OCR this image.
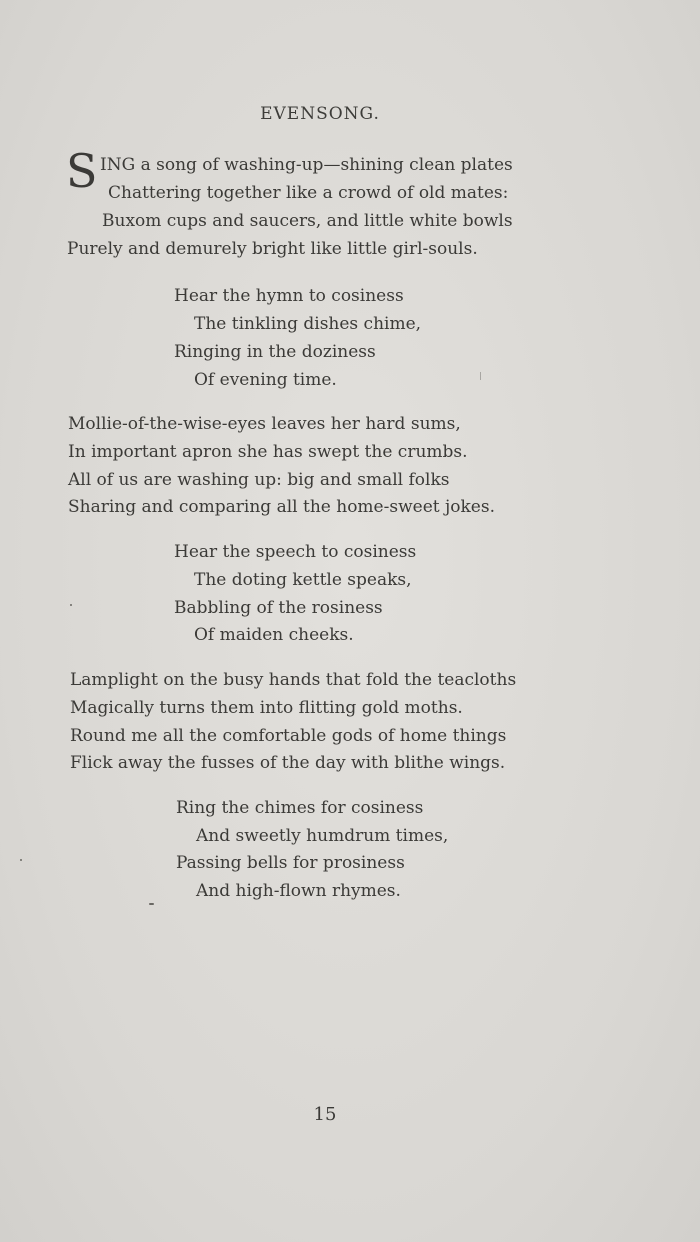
EVENSONG.
S ING a song of washing-up—shining clean plates
Chattering together like a crowd of old mates:
Buxom cups and saucers, and little white bowls
Purely and demurely bright like little girl-souls.
Hear the hymn to cosiness
The tinkling dishes chime,
Ringing in the doziness
Of evening time.
Mollie-of-the-wise-eyes leaves her hard sums,
In important apron she has swept the crumbs.
All of us are washing up: big and small folks
Sharing and comparing all the home-sweet jokes.
Hear the speech to cosiness
The doting kettle speaks,
Babbling of the rosiness
Of maiden cheeks.
Lamplight on the busy hands that fold the teacloths
Magically turns them into flitting gold moths.
Round me all the comfortable gods of home things
Flick away the fusses of the day with blithe wings.
Ring the chimes for cosiness
And sweetly humdrum times,
Passing bells for prosiness
And high-flown rhymes.
15
